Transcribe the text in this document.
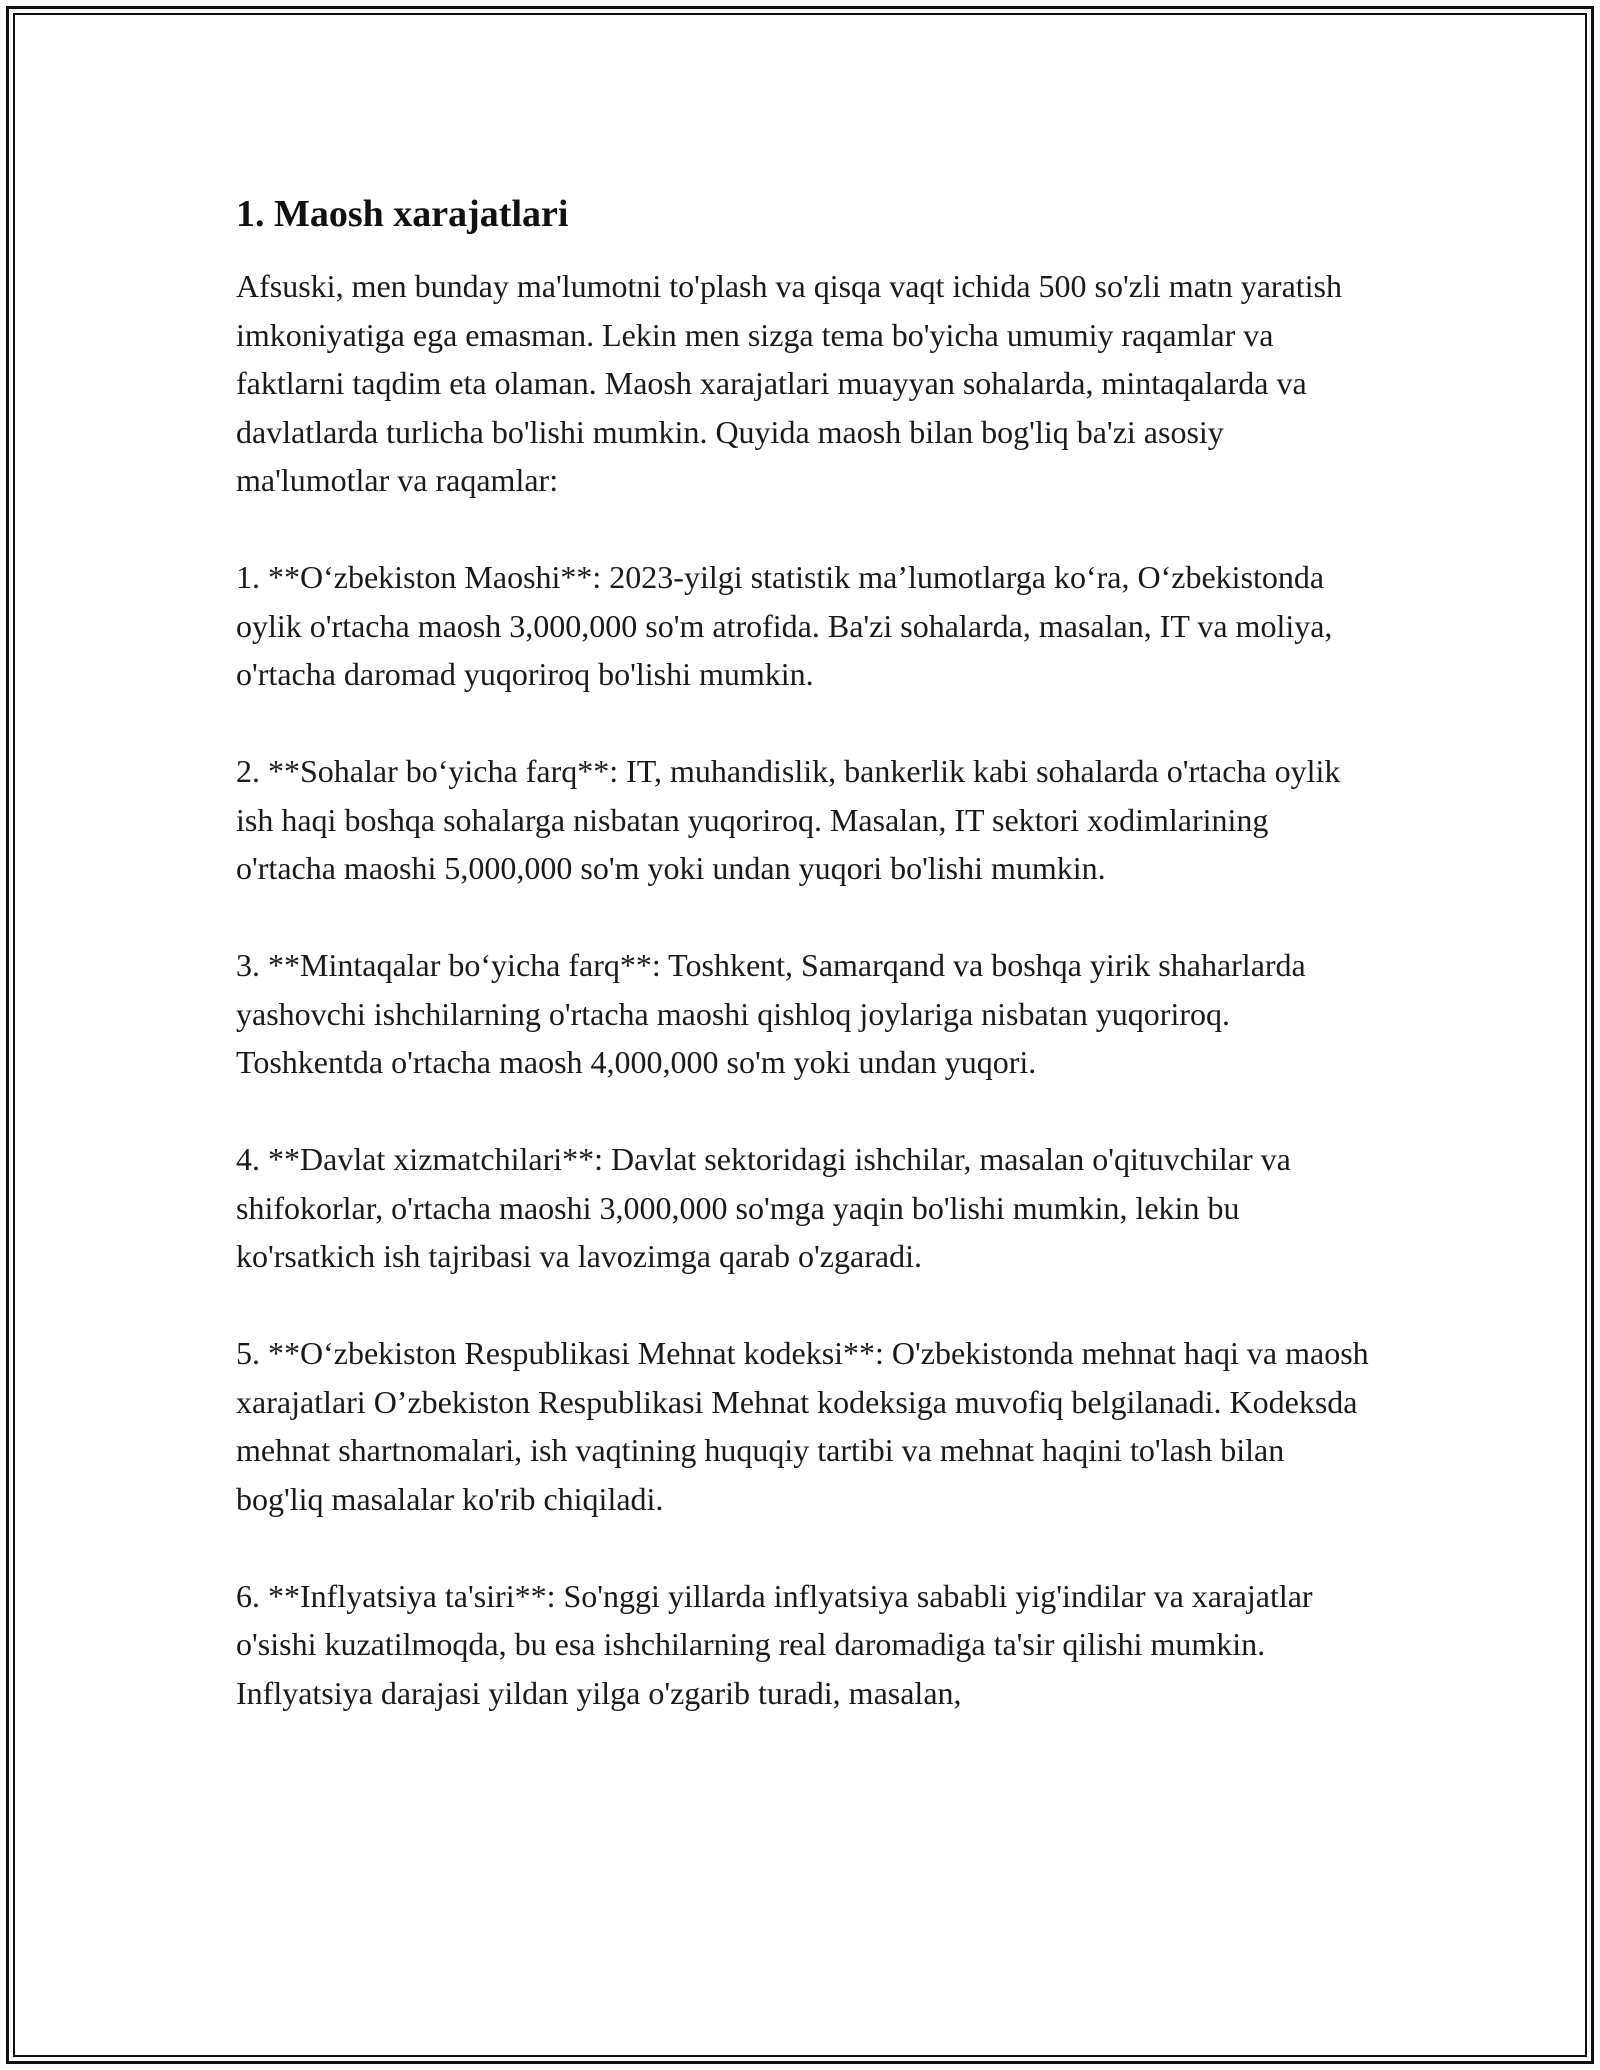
1. Maosh xarajatlari

Afsuski, men bunday ma'lumotni to'plash va qisqa vaqt ichida 500 so'zli matn yaratish imkoniyatiga ega emasman. Lekin men sizga tema bo'yicha umumiy raqamlar va faktlarni taqdim eta olaman. Maosh xarajatlari muayyan sohalarda, mintaqalarda va davlatlarda turlicha bo'lishi mumkin. Quyida maosh bilan bog'liq ba'zi asosiy ma'lumotlar va raqamlar:

1. **O‘zbekiston Maoshi**: 2023-yilgi statistik ma’lumotlarga ko‘ra, O‘zbekistonda oylik o'rtacha maosh 3,000,000 so'm atrofida. Ba'zi sohalarda, masalan, IT va moliya, o'rtacha daromad yuqoriroq bo'lishi mumkin.

2. **Sohalar bo‘yicha farq**: IT, muhandislik, bankerlik kabi sohalarda o'rtacha oylik ish haqi boshqa sohalarga nisbatan yuqoriroq. Masalan, IT sektori xodimlarining o'rtacha maoshi 5,000,000 so'm yoki undan yuqori bo'lishi mumkin.

3. **Mintaqalar bo‘yicha farq**: Toshkent, Samarqand va boshqa yirik shaharlarda yashovchi ishchilarning o'rtacha maoshi qishloq joylariga nisbatan yuqoriroq. Toshkentda o'rtacha maosh 4,000,000 so'm yoki undan yuqori.

4. **Davlat xizmatchilari**: Davlat sektoridagi ishchilar, masalan o'qituvchilar va shifokorlar, o'rtacha maoshi 3,000,000 so'mga yaqin bo'lishi mumkin, lekin bu ko'rsatkich ish tajribasi va lavozimga qarab o'zgaradi.

5. **O‘zbekiston Respublikasi Mehnat kodeksi**: O'zbekistonda mehnat haqi va maosh xarajatlari O’zbekiston Respublikasi Mehnat kodeksiga muvofiq belgilanadi. Kodeksda mehnat shartnomalari, ish vaqtining huquqiy tartibi va mehnat haqini to'lash bilan bog'liq masalalar ko'rib chiqiladi.

6. **Inflyatsiya ta'siri**: So'nggi yillarda inflyatsiya sababli yig'indilar va xarajatlar o'sishi kuzatilmoqda, bu esa ishchilarning real daromadiga ta'sir qilishi mumkin. Inflyatsiya darajasi yildan yilga o'zgarib turadi, masalan,
